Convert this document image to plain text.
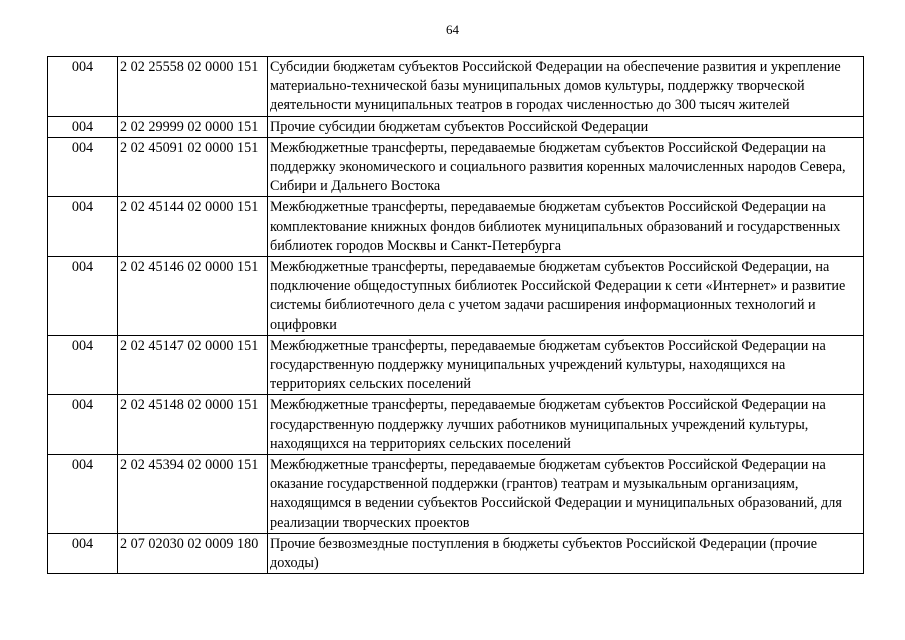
64
004	2 02 25558 02 0000 151	Субсидии бюджетам субъектов Российской Федерации на обеспечение развития и укрепление материально-технической базы муниципальных домов культуры, поддержку творческой деятельности муниципальных театров в городах численностью до 300 тысяч жителей
004	2 02 29999 02 0000 151	Прочие субсидии бюджетам субъектов Российской Федерации
004	2 02 45091 02 0000 151	Межбюджетные трансферты, передаваемые бюджетам субъектов Российской Федерации на поддержку экономического и социального развития коренных малочисленных народов Севера, Сибири и Дальнего Востока
004	2 02 45144 02 0000 151	Межбюджетные трансферты, передаваемые бюджетам субъектов Российской Федерации на комплектование книжных фондов библиотек муниципальных образований и государственных библиотек городов Москвы и Санкт-Петербурга
004	2 02 45146 02 0000 151	Межбюджетные трансферты, передаваемые бюджетам субъектов Российской Федерации, на подключение общедоступных библиотек Российской Федерации к сети «Интернет» и развитие системы библиотечного дела с учетом задачи расширения информационных технологий и оцифровки
004	2 02 45147 02 0000 151	Межбюджетные трансферты, передаваемые бюджетам субъектов Российской Федерации на государственную поддержку муниципальных учреждений культуры, находящихся на территориях сельских поселений
004	2 02 45148 02 0000 151	Межбюджетные трансферты, передаваемые бюджетам субъектов Российской Федерации на государственную поддержку лучших работников муниципальных учреждений культуры, находящихся на территориях сельских поселений
004	2 02 45394 02 0000 151	Межбюджетные трансферты, передаваемые бюджетам субъектов Российской Федерации на оказание государственной поддержки (грантов) театрам и музыкальным организациям, находящимся в ведении субъектов Российской Федерации и муниципальных образований, для реализации творческих проектов
004	2 07 02030 02 0009 180	Прочие безвозмездные поступления в бюджеты субъектов Российской Федерации (прочие доходы)
